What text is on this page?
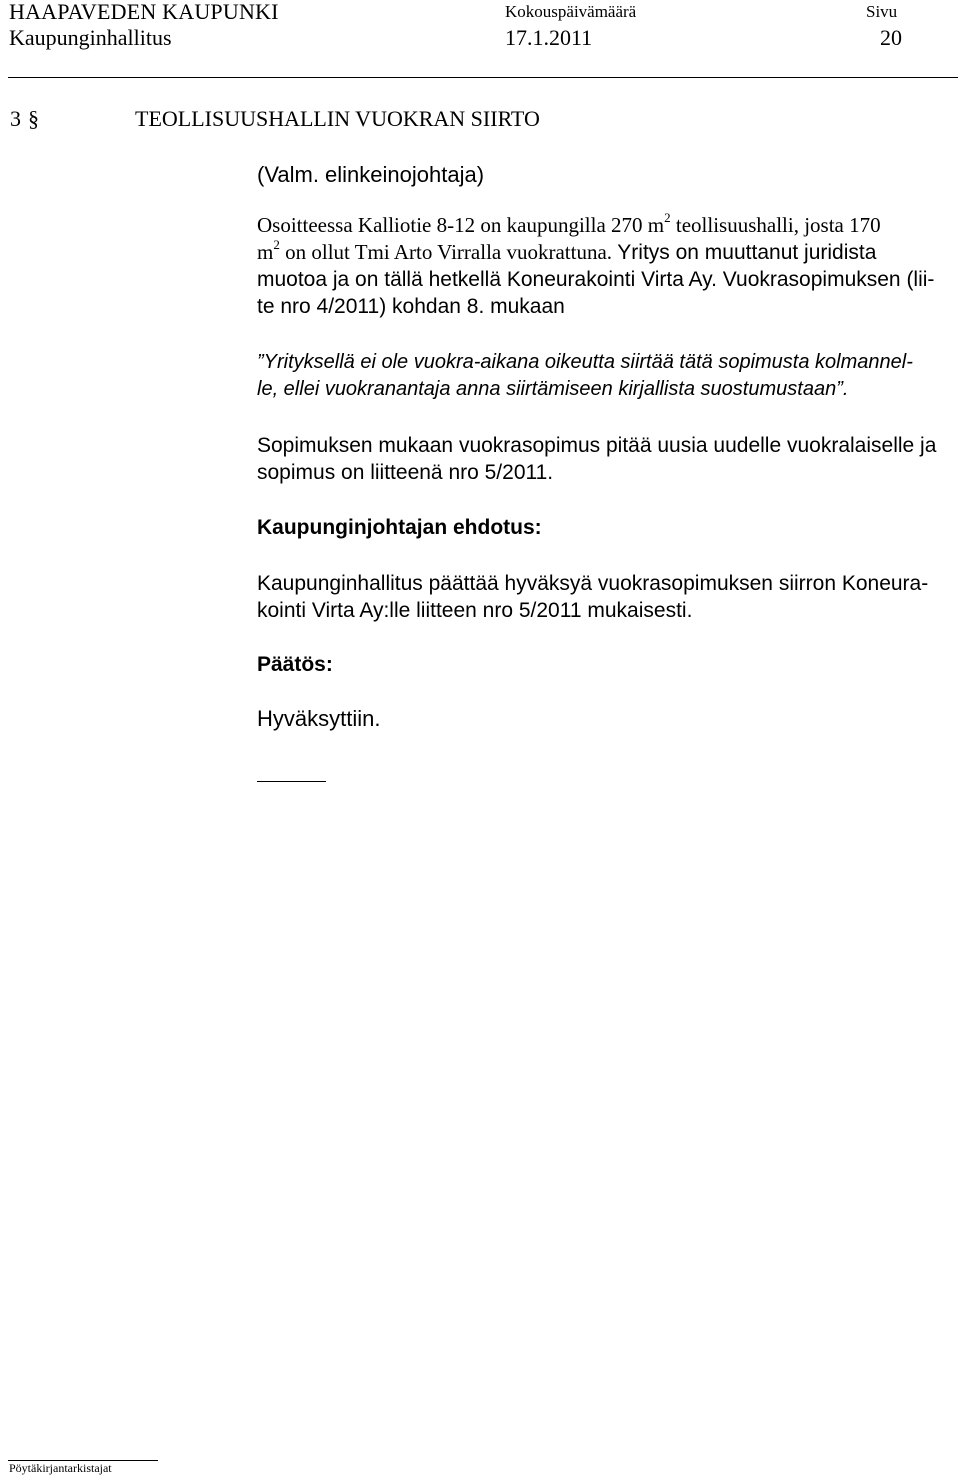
HAAPAVEDEN KAUPUNKI
Kaupunginhallitus
Kokouspäivämäärä
17.1.2011
Sivu
20
3 §	TEOLLISUUSHALLIN VUOKRAN SIIRTO
(Valm. elinkeinojohtaja)
Osoitteessa Kalliotie 8-12 on kaupungilla 270 $m^2$ teollisuushalli, josta 170
$m^2$ on ollut Tmi Arto Virralla vuokrattuna. Yritys on muuttanut juridista
muotoa ja on tällä hetkellä Koneurakointi Virta Ay. Vuokrasopimuksen (lii-
te nro 4/2011) kohdan 8. mukaan
”Yrityksellä ei ole vuokra-aikana oikeutta siirtää tätä sopimusta kolmannel-
le, ellei vuokranantaja anna siirtämiseen kirjallista suostumustaan”.
Sopimuksen mukaan vuokrasopimus pitää uusia uudelle vuokralaiselle ja
sopimus on liitteenä nro 5/2011.
Kaupunginjohtajan ehdotus:
Kaupunginhallitus päättää hyväksyä vuokrasopimuksen siirron Koneura-
kointi Virta Ay:lle liitteen nro 5/2011 mukaisesti.
Päätös:
Hyväksyttiin.
Pöytäkirjantarkistajat
